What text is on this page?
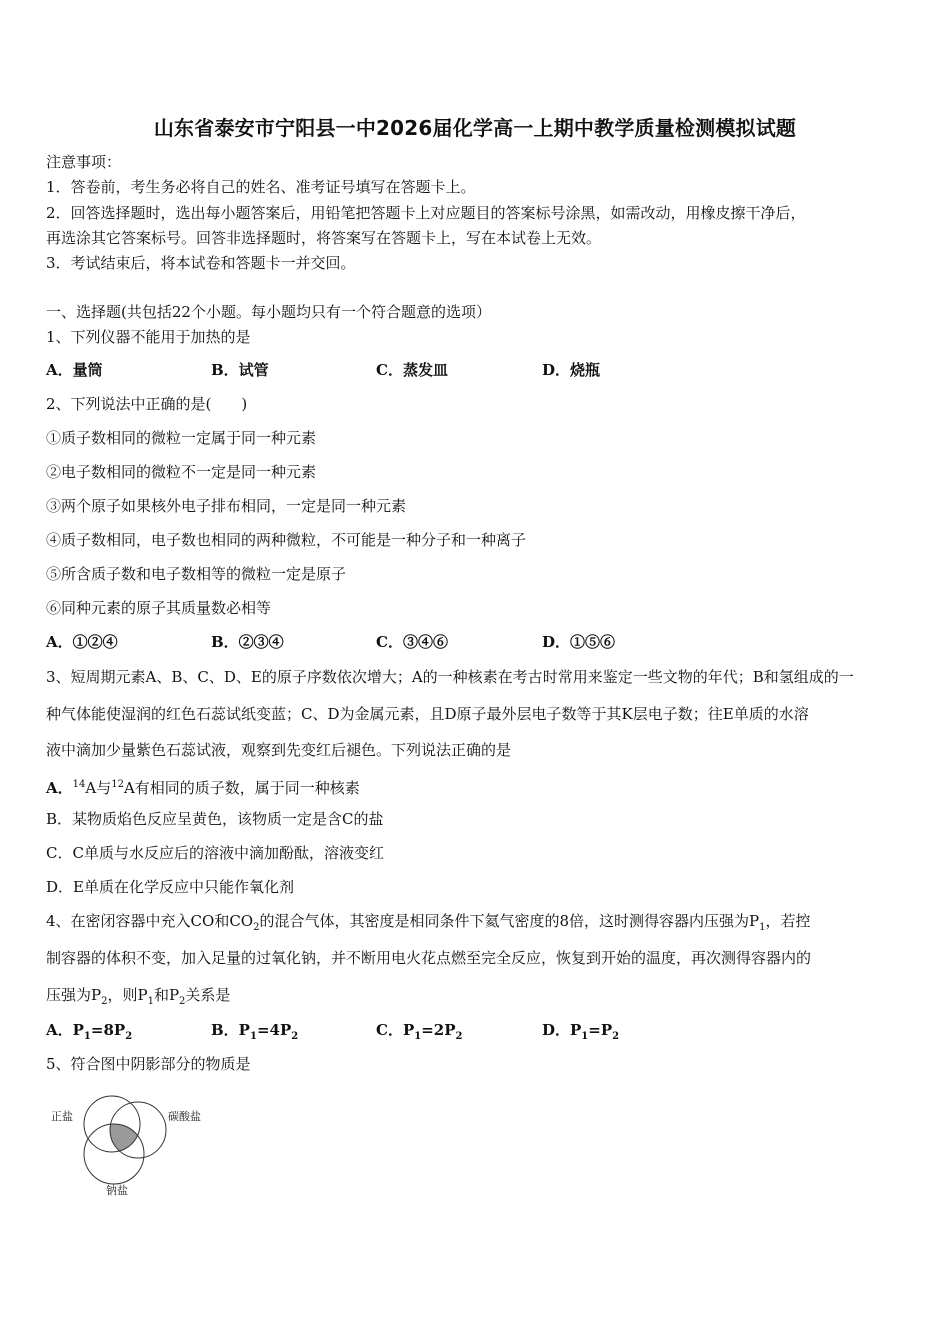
山东省泰安市宁阳县一中2026届化学高一上期中教学质量检测模拟试题
注意事项：
1．答卷前，考生务必将自己的姓名、准考证号填写在答题卡上。
2．回答选择题时，选出每小题答案后，用铅笔把答题卡上对应题目的答案标号涂黑，如需改动，用橡皮擦干净后，
再选涂其它答案标号。回答非选择题时，将答案写在答题卡上，写在本试卷上无效。
3．考试结束后，将本试卷和答题卡一并交回。
一、选择题(共包括22个小题。每小题均只有一个符合题意的选项）
1、下列仪器不能用于加热的是
A．量筒	B．试管	C．蒸发皿	D．烧瓶
2、下列说法中正确的是(　　)
①质子数相同的微粒一定属于同一种元素
②电子数相同的微粒不一定是同一种元素
③两个原子如果核外电子排布相同，一定是同一种元素
④质子数相同，电子数也相同的两种微粒，不可能是一种分子和一种离子
⑤所含质子数和电子数相等的微粒一定是原子
⑥同种元素的原子其质量数必相等
A．①②④	B．②③④	C．③④⑥	D．①⑤⑥
3、短周期元素A、B、C、D、E的原子序数依次增大；A的一种核素在考古时常用来鉴定一些文物的年代；B和氢组成的一
种气体能使湿润的红色石蕊试纸变蓝；C、D为金属元素，且D原子最外层电子数等于其K层电子数；往E单质的水溶
液中滴加少量紫色石蕊试液，观察到先变红后褪色。下列说法正确的是
A．$^{14}$A与$^{12}$A有相同的质子数，属于同一种核素
B．某物质焰色反应呈黄色，该物质一定是含C的盐
C．C单质与水反应后的溶液中滴加酚酞，溶液变红
D．E单质在化学反应中只能作氧化剂
4、在密闭容器中充入CO和$CO_2$的混合气体，其密度是相同条件下氦气密度的8倍，这时测得容器内压强为$P_1$，若控
制容器的体积不变，加入足量的过氧化钠，并不断用电火花点燃至完全反应，恢复到开始的温度，再次测得容器内的
压强为$P_2$，则$P_1$和$P_2$关系是
A．$P_1=8P_2$	B．$P_1=4P_2$	C．$P_1=2P_2$	D．$P_1=P_2$
5、符合图中阴影部分的物质是
正盐	碳酸盐
钠盐
